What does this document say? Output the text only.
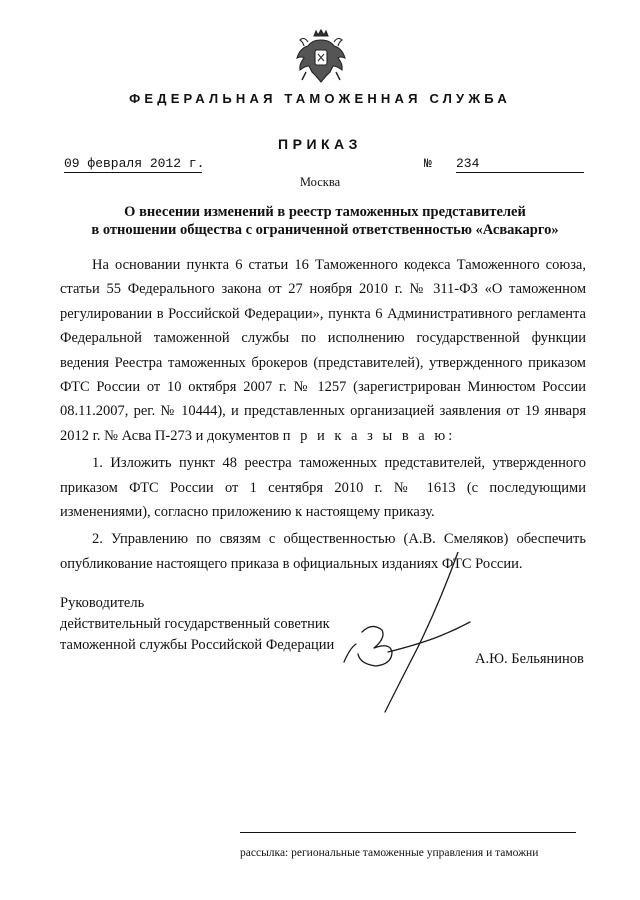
ФЕДЕРАЛЬНАЯ ТАМОЖЕННАЯ СЛУЖБА
ПРИКАЗ
09 февраля 2012 г.	№ 234
Москва
О внесении изменений в реестр таможенных представителей
в отношении общества с ограниченной ответственностью «Асвакарго»

На основании пункта 6 статьи 16 Таможенного кодекса Таможенного союза, статьи 55 Федерального закона от 27 ноября 2010 г. № 311-ФЗ «О таможенном регулировании в Российской Федерации», пункта 6 Административного регламента Федеральной таможенной службы по исполнению государственной функции ведения Реестра таможенных брокеров (представителей), утвержденного приказом ФТС России от 10 октября 2007 г. № 1257 (зарегистрирован Минюстом России 08.11.2007, рег. № 10444), и представленных организацией заявления от 19 января 2012 г. № Асва П-273 и документов п р и к а з ы в а ю:

1. Изложить пункт 48 реестра таможенных представителей, утвержденного приказом ФТС России от 1 сентября 2010 г. № 1613 (с последующими изменениями), согласно приложению к настоящему приказу.

2. Управлению по связям с общественностью (А.В. Смеляков) обеспечить опубликование настоящего приказа в официальных изданиях ФТС России.

Руководитель
действительный государственный советник
таможенной службы Российской Федерации
А.Ю. Бельянинов
рассылка: региональные таможенные управления и таможни
